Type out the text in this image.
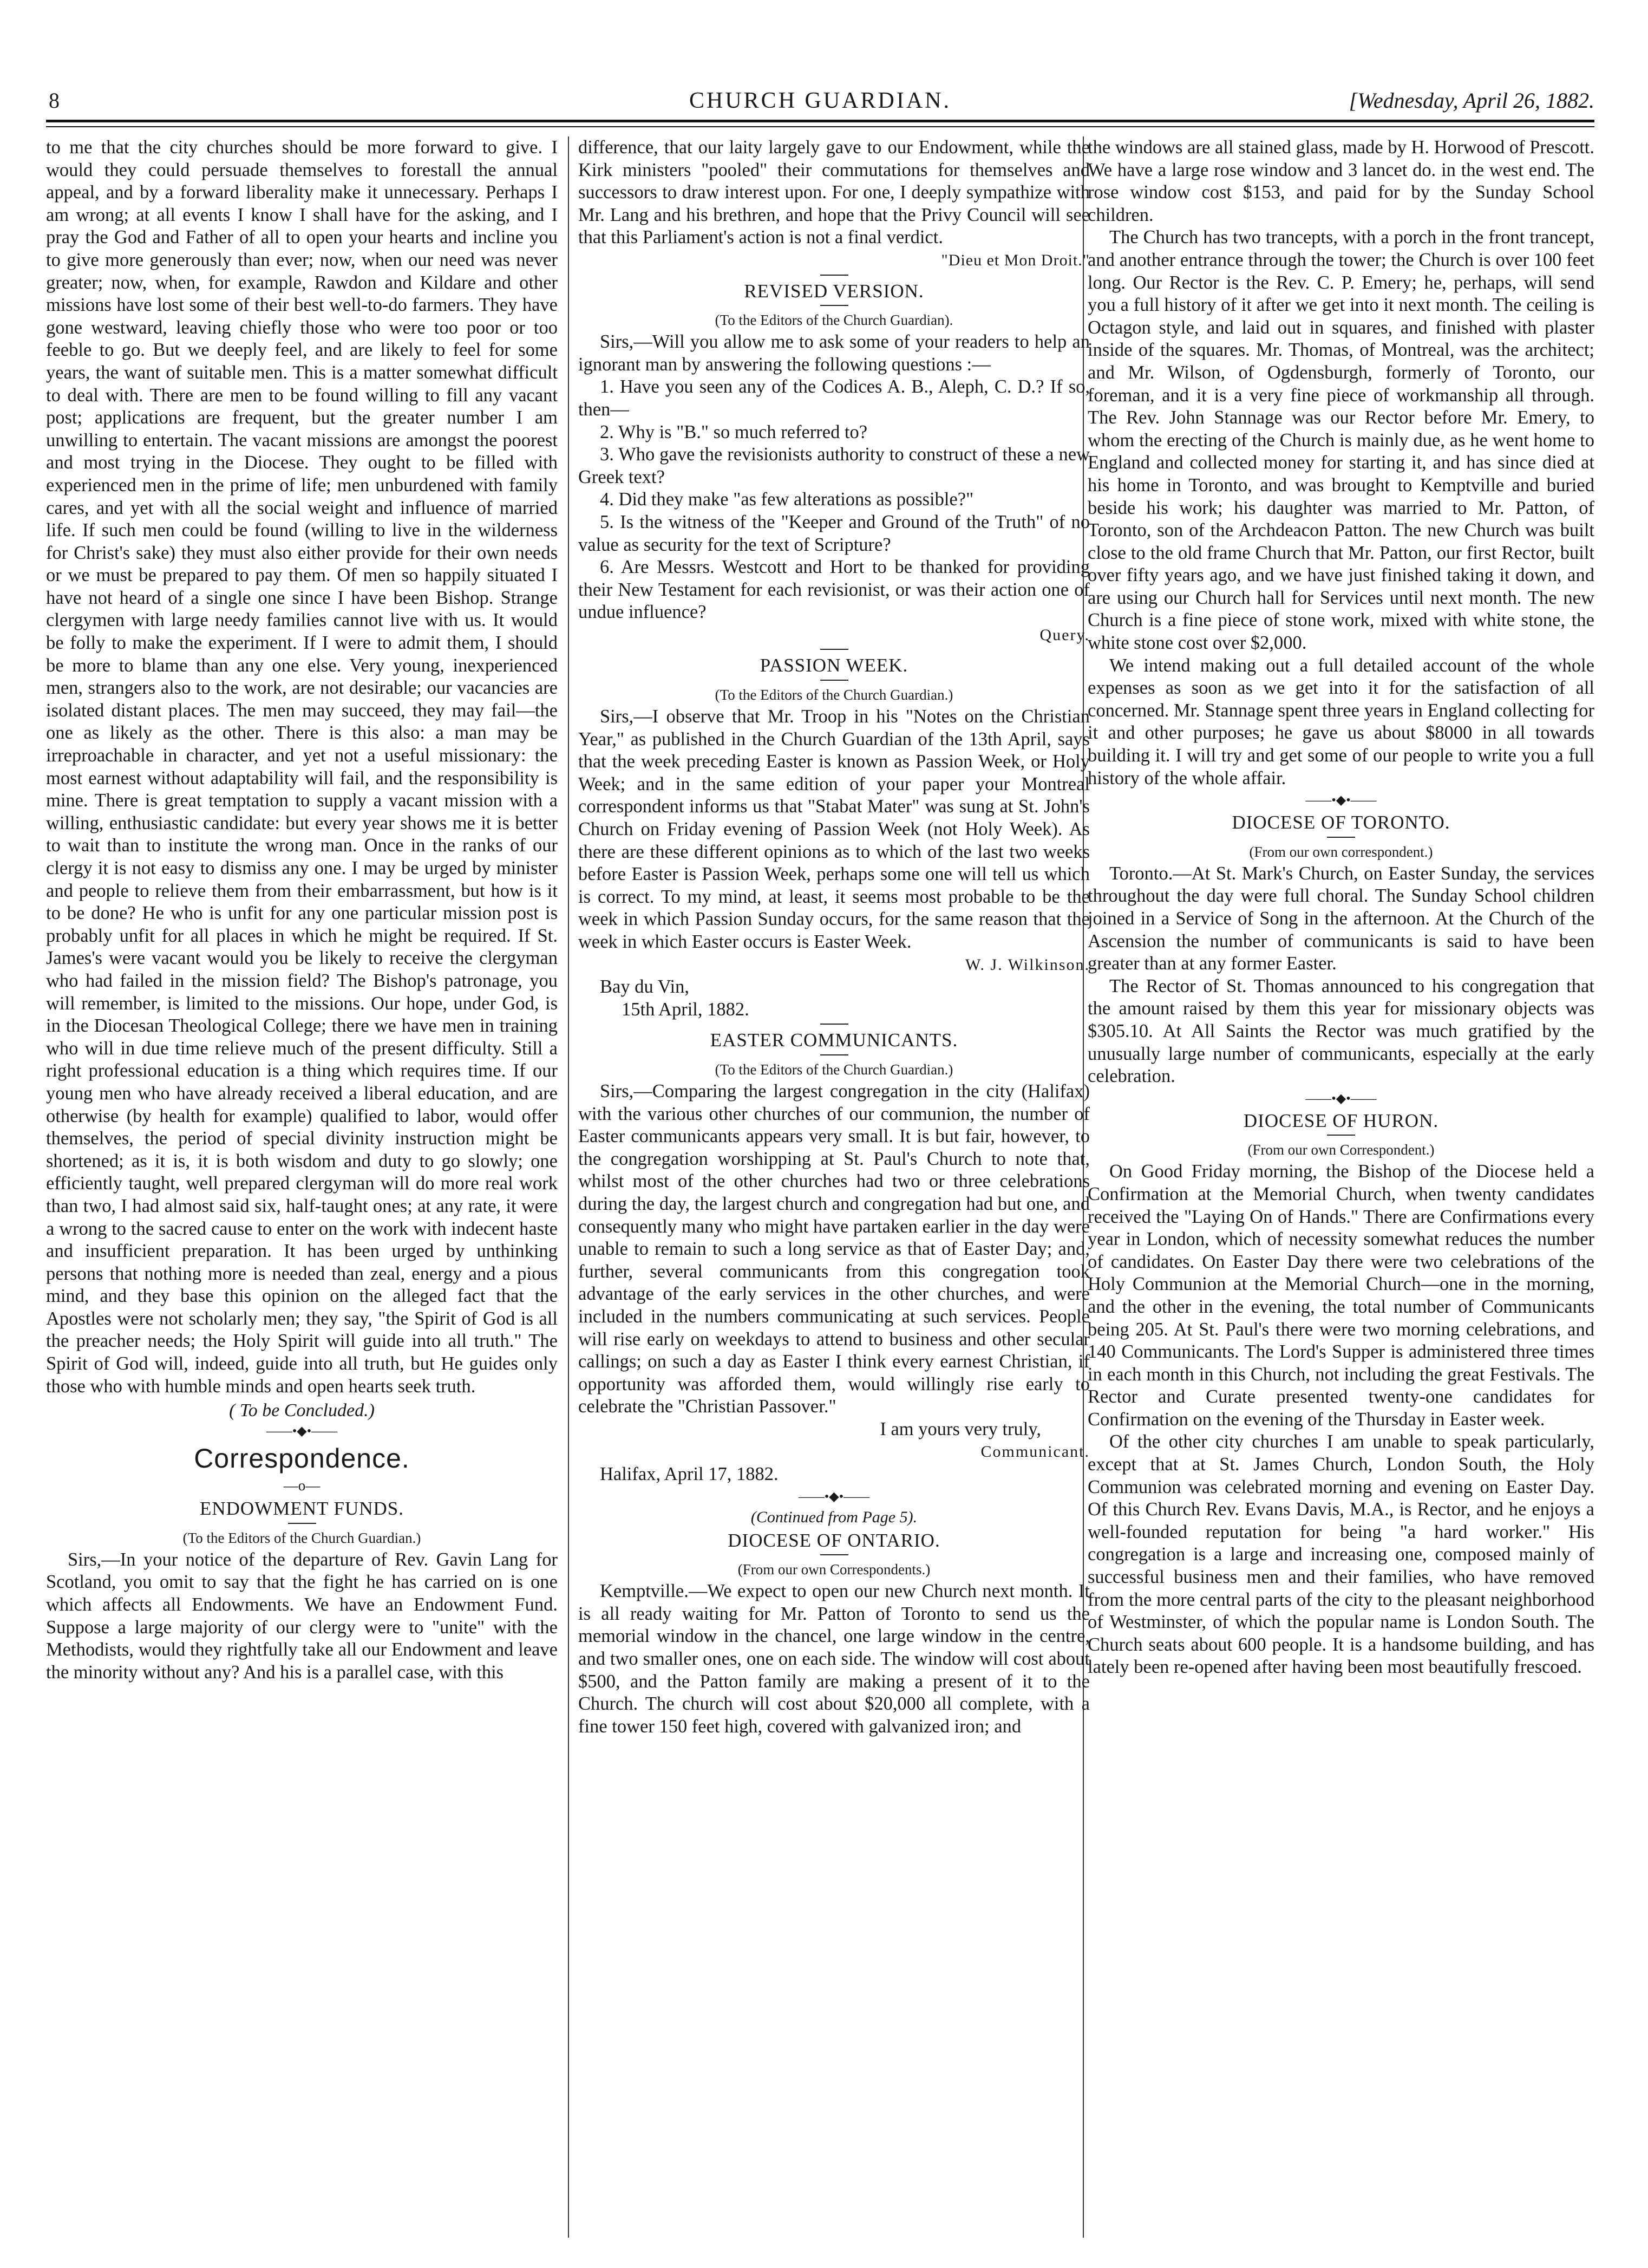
CHURCH GUARDIAN.
8	[Wednesday, April 26, 1882.

to me that the city churches should be more forward to give. I would they could persuade themselves to forestall the annual appeal, and by a forward liberality make it unnecessary. Perhaps I am wrong; at all events I know I shall have for the asking, and I pray the God and Father of all to open your hearts and incline you to give more generously than ever; now, when our need was never greater; now, when, for example, Rawdon and Kildare and other missions have lost some of their best well-to-do farmers. They have gone westward, leaving chiefly those who were too poor or too feeble to go. But we deeply feel, and are likely to feel for some years, the want of suitable men. This is a matter somewhat difficult to deal with. There are men to be found willing to fill any vacant post; applications are frequent, but the greater number I am unwilling to entertain. The vacant missions are amongst the poorest and most trying in the Diocese. They ought to be filled with experienced men in the prime of life; men unburdened with family cares, and yet with all the social weight and influence of married life. If such men could be found (willing to live in the wilderness for Christ's sake) they must also either provide for their own needs or we must be prepared to pay them. Of men so happily situated I have not heard of a single one since I have been Bishop. Strange clergymen with large needy families cannot live with us. It would be folly to make the experiment. If I were to admit them, I should be more to blame than any one else. Very young, inexperienced men, strangers also to the work, are not desirable; our vacancies are isolated distant places. The men may succeed, they may fail—the one as likely as the other. There is this also: a man may be irreproachable in character, and yet not a useful missionary: the most earnest without adaptability will fail, and the responsibility is mine. There is great temptation to supply a vacant mission with a willing, enthusiastic candidate: but every year shows me it is better to wait than to institute the wrong man. Once in the ranks of our clergy it is not easy to dismiss any one. I may be urged by minister and people to relieve them from their embarrassment, but how is it to be done? He who is unfit for any one particular mission post is probably unfit for all places in which he might be required. If St. James's were vacant would you be likely to receive the clergyman who had failed in the mission field? The Bishop's patronage, you will remember, is limited to the missions. Our hope, under God, is in the Diocesan Theological College; there we have men in training who will in due time relieve much of the present difficulty. Still a right professional education is a thing which requires time. If our young men who have already received a liberal education, and are otherwise (by health for example) qualified to labor, would offer themselves, the period of special divinity instruction might be shortened; as it is, it is both wisdom and duty to go slowly; one efficiently taught, well prepared clergyman will do more real work than two, I had almost said six, half-taught ones; at any rate, it were a wrong to the sacred cause to enter on the work with indecent haste and insufficient preparation. It has been urged by unthinking persons that nothing more is needed than zeal, energy and a pious mind, and they base this opinion on the alleged fact that the Apostles were not scholarly men; they say, "the Spirit of God is all the preacher needs; the Holy Spirit will guide into all truth." The Spirit of God will, indeed, guide into all truth, but He guides only those who with humble minds and open hearts seek truth.

( To be Concluded.)
——•◆•——
Correspondence.
—o—
ENDOWMENT FUNDS.
(To the Editors of the Church Guardian.)

Sirs,—In your notice of the departure of Rev. Gavin Lang for Scotland, you omit to say that the fight he has carried on is one which affects all Endowments. We have an Endowment Fund. Suppose a large majority of our clergy were to "unite" with the Methodists, would they rightfully take all our Endowment and leave the minority without any? And his is a parallel case, with this

difference, that our laity largely gave to our Endowment, while the Kirk ministers "pooled" their commutations for themselves and successors to draw interest upon. For one, I deeply sympathize with Mr. Lang and his brethren, and hope that the Privy Council will see that this Parliament's action is not a final verdict.

"Dieu et Mon Droit."
REVISED VERSION.
(To the Editors of the Church Guardian).

Sirs,—Will you allow me to ask some of your readers to help an ignorant man by answering the following questions :—

1. Have you seen any of the Codices A. B., Aleph, C. D.? If so, then—

2. Why is "B." so much referred to?

3. Who gave the revisionists authority to construct of these a new Greek text?

4. Did they make "as few alterations as possible?"

5. Is the witness of the "Keeper and Ground of the Truth" of no value as security for the text of Scripture?

6. Are Messrs. Westcott and Hort to be thanked for providing their New Testament for each revisionist, or was their action one of undue influence?

Query.
PASSION WEEK.
(To the Editors of the Church Guardian.)

Sirs,—I observe that Mr. Troop in his "Notes on the Christian Year," as published in the Church Guardian of the 13th April, says that the week preceding Easter is known as Passion Week, or Holy Week; and in the same edition of your paper your Montreal correspondent informs us that "Stabat Mater" was sung at St. John's Church on Friday evening of Passion Week (not Holy Week). As there are these different opinions as to which of the last two weeks before Easter is Passion Week, perhaps some one will tell us which is correct. To my mind, at least, it seems most probable to be the week in which Passion Sunday occurs, for the same reason that the week in which Easter occurs is Easter Week.

W. J. Wilkinson.
Bay du Vin,
15th April, 1882.
EASTER COMMUNICANTS.
(To the Editors of the Church Guardian.)

Sirs,—Comparing the largest congregation in the city (Halifax) with the various other churches of our communion, the number of Easter communicants appears very small. It is but fair, however, to the congregation worshipping at St. Paul's Church to note that, whilst most of the other churches had two or three celebrations during the day, the largest church and congregation had but one, and consequently many who might have partaken earlier in the day were unable to remain to such a long service as that of Easter Day; and, further, several communicants from this congregation took advantage of the early services in the other churches, and were included in the numbers communicating at such services. People will rise early on weekdays to attend to business and other secular callings; on such a day as Easter I think every earnest Christian, if opportunity was afforded them, would willingly rise early to celebrate the "Christian Passover."

I am yours very truly,
Communicant.
Halifax, April 17, 1882.
——•◆•——
(Continued from Page 5).
DIOCESE OF ONTARIO.
(From our own Correspondents.)

Kemptville.—We expect to open our new Church next month. It is all ready waiting for Mr. Patton of Toronto to send us the memorial window in the chancel, one large window in the centre, and two smaller ones, one on each side. The window will cost about $500, and the Patton family are making a present of it to the Church. The church will cost about $20,000 all complete, with a fine tower 150 feet high, covered with galvanized iron; and

the windows are all stained glass, made by H. Horwood of Prescott. We have a large rose window and 3 lancet do. in the west end. The rose window cost $153, and paid for by the Sunday School children.

The Church has two trancepts, with a porch in the front trancept, and another entrance through the tower; the Church is over 100 feet long. Our Rector is the Rev. C. P. Emery; he, perhaps, will send you a full history of it after we get into it next month. The ceiling is Octagon style, and laid out in squares, and finished with plaster inside of the squares. Mr. Thomas, of Montreal, was the architect; and Mr. Wilson, of Ogdensburgh, formerly of Toronto, our foreman, and it is a very fine piece of workmanship all through. The Rev. John Stannage was our Rector before Mr. Emery, to whom the erecting of the Church is mainly due, as he went home to England and collected money for starting it, and has since died at his home in Toronto, and was brought to Kemptville and buried beside his work; his daughter was married to Mr. Patton, of Toronto, son of the Archdeacon Patton. The new Church was built close to the old frame Church that Mr. Patton, our first Rector, built over fifty years ago, and we have just finished taking it down, and are using our Church hall for Services until next month. The new Church is a fine piece of stone work, mixed with white stone, the white stone cost over $2,000.

We intend making out a full detailed account of the whole expenses as soon as we get into it for the satisfaction of all concerned. Mr. Stannage spent three years in England collecting for it and other purposes; he gave us about $8000 in all towards building it. I will try and get some of our people to write you a full history of the whole affair.

——•◆•——
DIOCESE OF TORONTO.
(From our own correspondent.)

Toronto.—At St. Mark's Church, on Easter Sunday, the services throughout the day were full choral. The Sunday School children joined in a Service of Song in the afternoon. At the Church of the Ascension the number of communicants is said to have been greater than at any former Easter.

The Rector of St. Thomas announced to his congregation that the amount raised by them this year for missionary objects was $305.10. At All Saints the Rector was much gratified by the unusually large number of communicants, especially at the early celebration.

——•◆•——
DIOCESE OF HURON.
(From our own Correspondent.)

On Good Friday morning, the Bishop of the Diocese held a Confirmation at the Memorial Church, when twenty candidates received the "Laying On of Hands." There are Confirmations every year in London, which of necessity somewhat reduces the number of candidates. On Easter Day there were two celebrations of the Holy Communion at the Memorial Church—one in the morning, and the other in the evening, the total number of Communicants being 205. At St. Paul's there were two morning celebrations, and 140 Communicants. The Lord's Supper is administered three times in each month in this Church, not including the great Festivals. The Rector and Curate presented twenty-one candidates for Confirmation on the evening of the Thursday in Easter week.

Of the other city churches I am unable to speak particularly, except that at St. James Church, London South, the Holy Communion was celebrated morning and evening on Easter Day. Of this Church Rev. Evans Davis, M.A., is Rector, and he enjoys a well-founded reputation for being "a hard worker." His congregation is a large and increasing one, composed mainly of successful business men and their families, who have removed from the more central parts of the city to the pleasant neighborhood of Westminster, of which the popular name is London South. The Church seats about 600 people. It is a handsome building, and has lately been re-opened after having been most beautifully frescoed.
